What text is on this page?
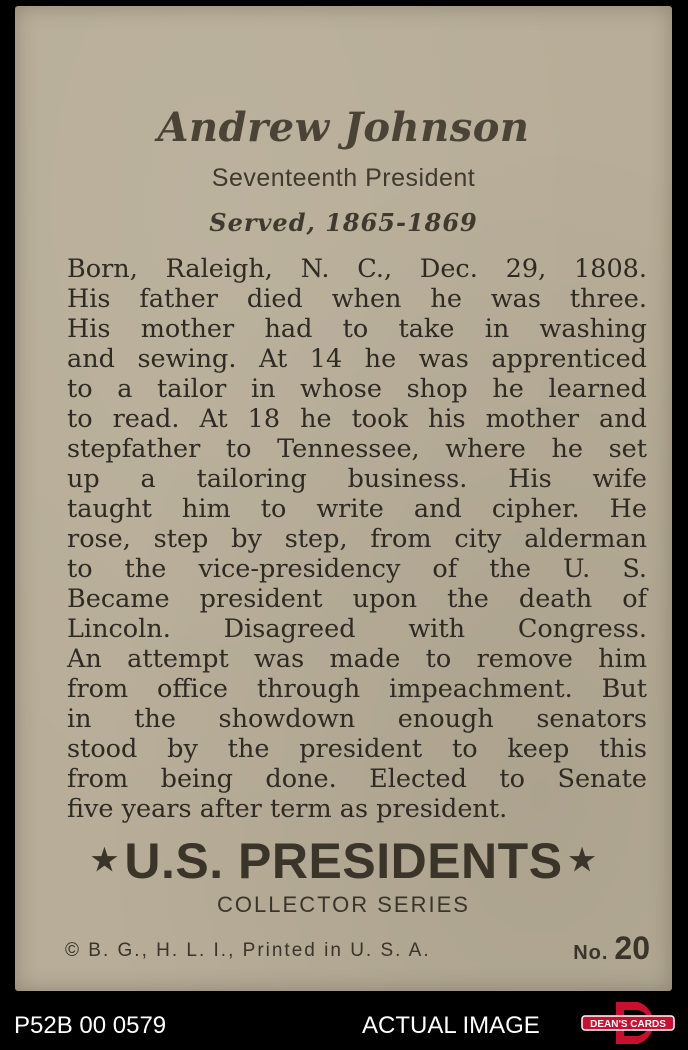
Andrew Johnson
Seventeenth President
Served, 1865-1869
Born, Raleigh, N. C., Dec. 29, 1808.
His father died when he was three.
His mother had to take in washing
and sewing. At 14 he was apprenticed
to a tailor in whose shop he learned
to read. At 18 he took his mother and
stepfather to Tennessee, where he set
up a tailoring business. His wife
taught him to write and cipher. He
rose, step by step, from city alderman
to the vice-presidency of the U. S.
Became president upon the death of
Lincoln. Disagreed with Congress.
An attempt was made to remove him
from office through impeachment. But
in the showdown enough senators
stood by the president to keep this
from being done. Elected to Senate
five years after term as president.
★ U.S. PRESIDENTS ★
COLLECTOR SERIES
© B. G., H. L. I., Printed in U. S. A.	No. 20
P52B 00 0579	ACTUAL IMAGE	DEAN'S CARDS
